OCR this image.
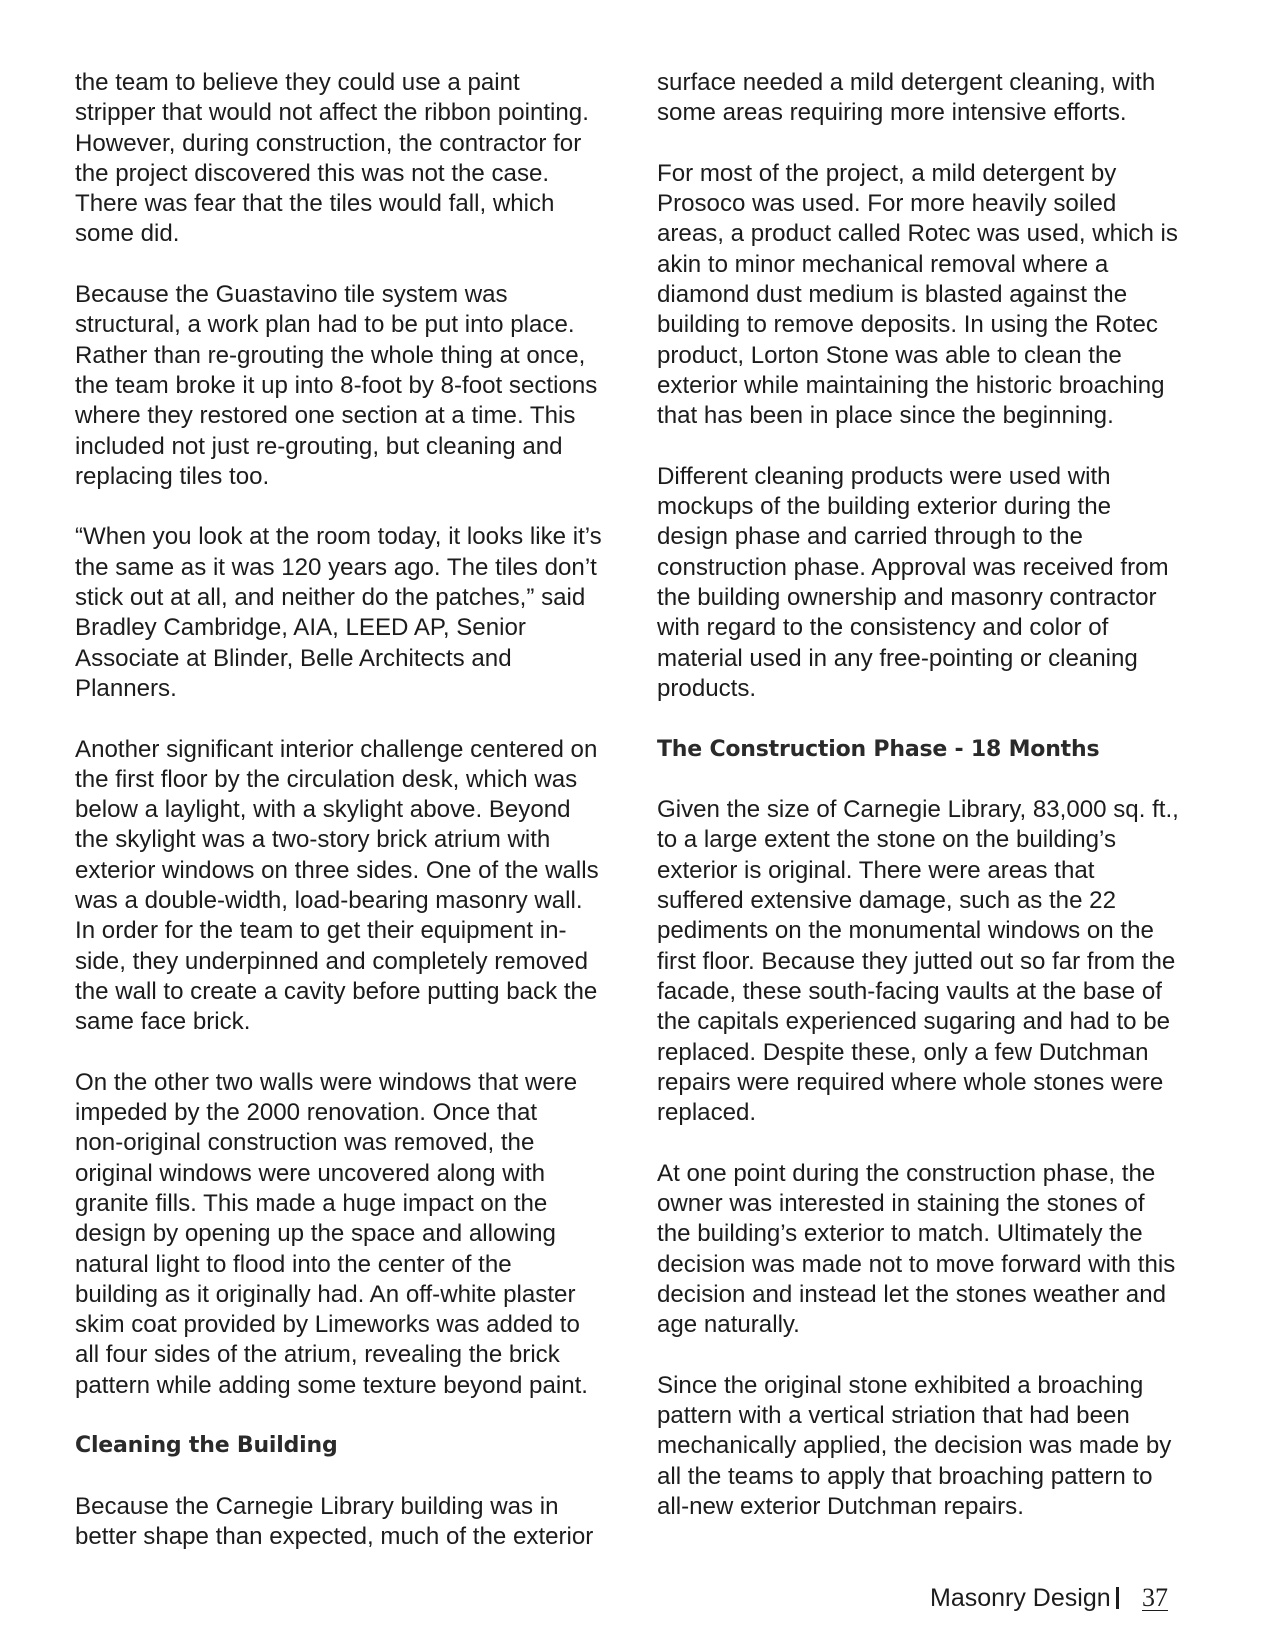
the team to believe they could use a paint
stripper that would not affect the ribbon pointing.
However, during construction, the contractor for
the project discovered this was not the case.
There was fear that the tiles would fall, which
some did.

Because the Guastavino tile system was
structural, a work plan had to be put into place.
Rather than re-grouting the whole thing at once,
the team broke it up into 8-foot by 8-foot sections
where they restored one section at a time. This
included not just re-grouting, but cleaning and
replacing tiles too.

“When you look at the room today, it looks like it’s
the same as it was 120 years ago. The tiles don’t
stick out at all, and neither do the patches,” said
Bradley Cambridge, AIA, LEED AP, Senior
Associate at Blinder, Belle Architects and
Planners.

Another significant interior challenge centered on
the first floor by the circulation desk, which was
below a laylight, with a skylight above. Beyond
the skylight was a two-story brick atrium with
exterior windows on three sides. One of the walls
was a double-width, load-bearing masonry wall.
In order for the team to get their equipment in-
side, they underpinned and completely removed
the wall to create a cavity before putting back the
same face brick.

On the other two walls were windows that were
impeded by the 2000 renovation. Once that
non-original construction was removed, the
original windows were uncovered along with
granite fills. This made a huge impact on the
design by opening up the space and allowing
natural light to flood into the center of the
building as it originally had. An off-white plaster
skim coat provided by Limeworks was added to
all four sides of the atrium, revealing the brick
pattern while adding some texture beyond paint.

Cleaning the Building

Because the Carnegie Library building was in
better shape than expected, much of the exterior

surface needed a mild detergent cleaning, with
some areas requiring more intensive efforts.

For most of the project, a mild detergent by
Prosoco was used. For more heavily soiled
areas, a product called Rotec was used, which is
akin to minor mechanical removal where a
diamond dust medium is blasted against the
building to remove deposits. In using the Rotec
product, Lorton Stone was able to clean the
exterior while maintaining the historic broaching
that has been in place since the beginning.

Different cleaning products were used with
mockups of the building exterior during the
design phase and carried through to the
construction phase. Approval was received from
the building ownership and masonry contractor
with regard to the consistency and color of
material used in any free-pointing or cleaning
products.

The Construction Phase - 18 Months

Given the size of Carnegie Library, 83,000 sq. ft.,
to a large extent the stone on the building’s
exterior is original. There were areas that
suffered extensive damage, such as the 22
pediments on the monumental windows on the
first floor. Because they jutted out so far from the
facade, these south-facing vaults at the base of
the capitals experienced sugaring and had to be
replaced. Despite these, only a few Dutchman
repairs were required where whole stones were
replaced.

At one point during the construction phase, the
owner was interested in staining the stones of
the building’s exterior to match. Ultimately the
decision was made not to move forward with this
decision and instead let the stones weather and
age naturally.

Since the original stone exhibited a broaching
pattern with a vertical striation that had been
mechanically applied, the decision was made by
all the teams to apply that broaching pattern to
all-new exterior Dutchman repairs.

Masonry Design 37
